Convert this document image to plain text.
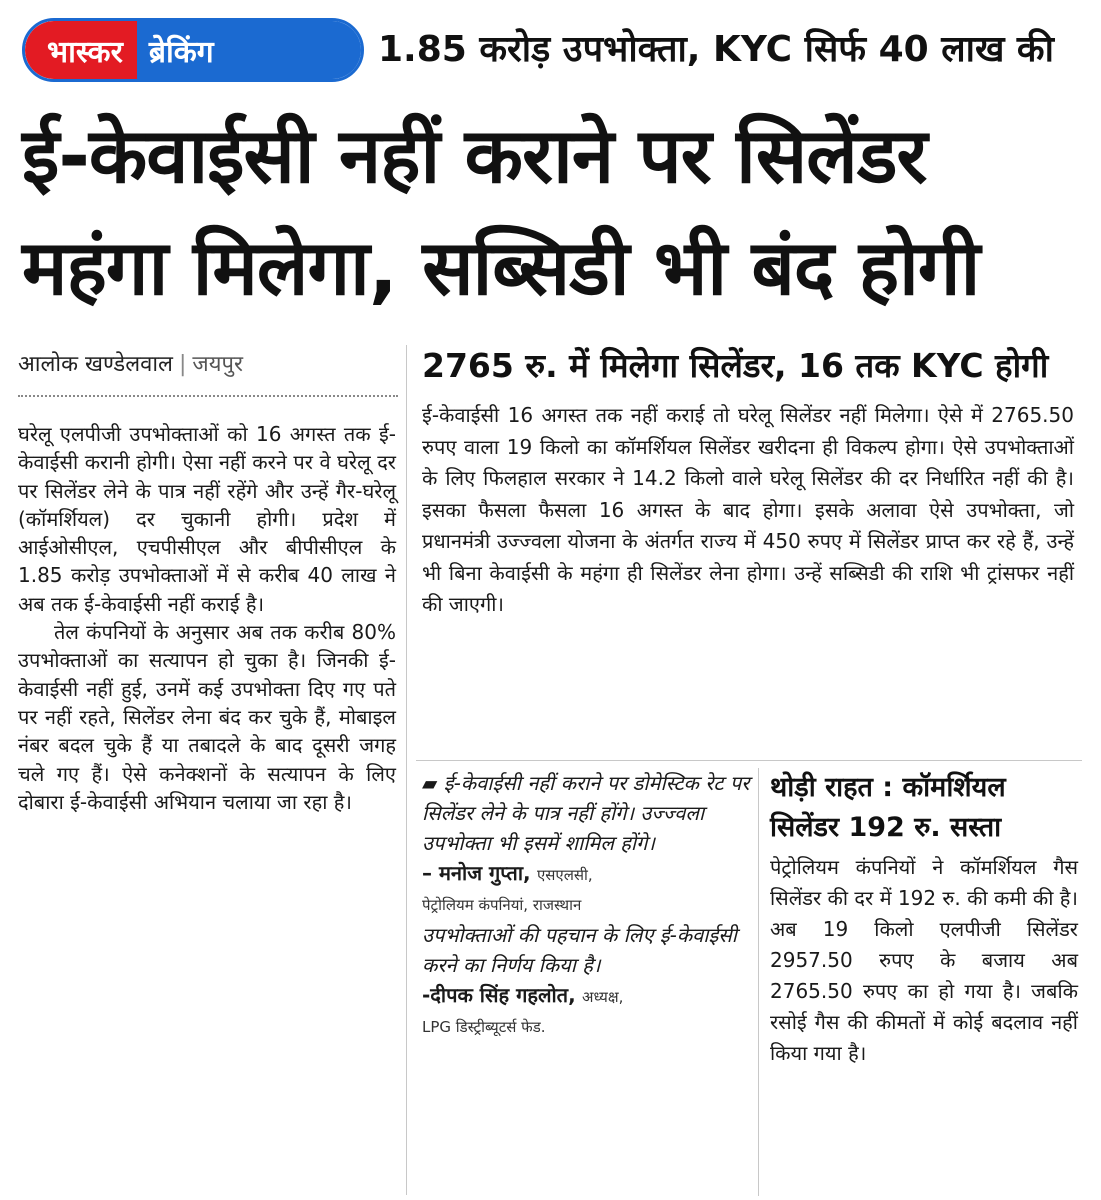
भास्कर ब्रेकिंग	1.85 करोड़ उपभोक्ता, KYC सिर्फ 40 लाख की
ई-केवाईसी नहीं कराने पर सिलेंडर
महंगा मिलेगा, सब्सिडी भी बंद होगी
आलोक खण्डेलवाल | जयपुर

घरेलू एलपीजी उपभोक्ताओं को 16 अगस्त तक ई-केवाईसी करानी होगी। ऐसा नहीं करने पर वे घरेलू दर पर सिलेंडर लेने के पात्र नहीं रहेंगे और उन्हें गैर-घरेलू (कॉमर्शियल) दर चुकानी होगी। प्रदेश में आईओसीएल, एचपीसीएल और बीपीसीएल के 1.85 करोड़ उपभोक्ताओं में से करीब 40 लाख ने अब तक ई-केवाईसी नहीं कराई है।

तेल कंपनियों के अनुसार अब तक करीब 80% उपभोक्ताओं का सत्यापन हो चुका है। जिनकी ई-केवाईसी नहीं हुई, उनमें कई उपभोक्ता दिए गए पते पर नहीं रहते, सिलेंडर लेना बंद कर चुके हैं, मोबाइल नंबर बदल चुके हैं या तबादले के बाद दूसरी जगह चले गए हैं। ऐसे कनेक्शनों के सत्यापन के लिए दोबारा ई-केवाईसी अभियान चलाया जा रहा है।

2765 रु. में मिलेगा सिलेंडर, 16 तक KYC होगी
ई-केवाईसी 16 अगस्त तक नहीं कराई तो घरेलू सिलेंडर नहीं मिलेगा। ऐसे में 2765.50 रुपए वाला 19 किलो का कॉमर्शियल सिलेंडर खरीदना ही विकल्प होगा। ऐसे उपभोक्ताओं के लिए फिलहाल सरकार ने 14.2 किलो वाले घरेलू सिलेंडर की दर निर्धारित नहीं की है। इसका फैसला फैसला 16 अगस्त के बाद होगा। इसके अलावा ऐसे उपभोक्ता, जो प्रधानमंत्री उज्ज्वला योजना के अंतर्गत राज्य में 450 रुपए में सिलेंडर प्राप्त कर रहे हैं, उन्हें भी बिना केवाईसी के महंगा ही सिलेंडर लेना होगा। उन्हें सब्सिडी की राशि भी ट्रांसफर नहीं की जाएगी।
▰ ई-केवाईसी नहीं कराने पर डोमेस्टिक रेट पर सिलेंडर लेने के पात्र नहीं होंगे। उज्ज्वला उपभोक्ता भी इसमें शामिल होंगे।
– मनोज गुप्ता, एसएलसी,
पेट्रोलियम कंपनियां, राजस्थान
उपभोक्ताओं की पहचान के लिए ई-केवाईसी करने का निर्णय किया है।
-दीपक सिंह गहलोत, अध्यक्ष,
LPG डिस्ट्रीब्यूटर्स फेड.
थोड़ी राहत : कॉमर्शियल सिलेंडर 192 रु. सस्ता
पेट्रोलियम कंपनियों ने कॉमर्शियल गैस सिलेंडर की दर में 192 रु. की कमी की है। अब 19 किलो एलपीजी सिलेंडर 2957.50 रुपए के बजाय अब 2765.50 रुपए का हो गया है। जबकि रसोई गैस की कीमतों में कोई बदलाव नहीं किया गया है।
